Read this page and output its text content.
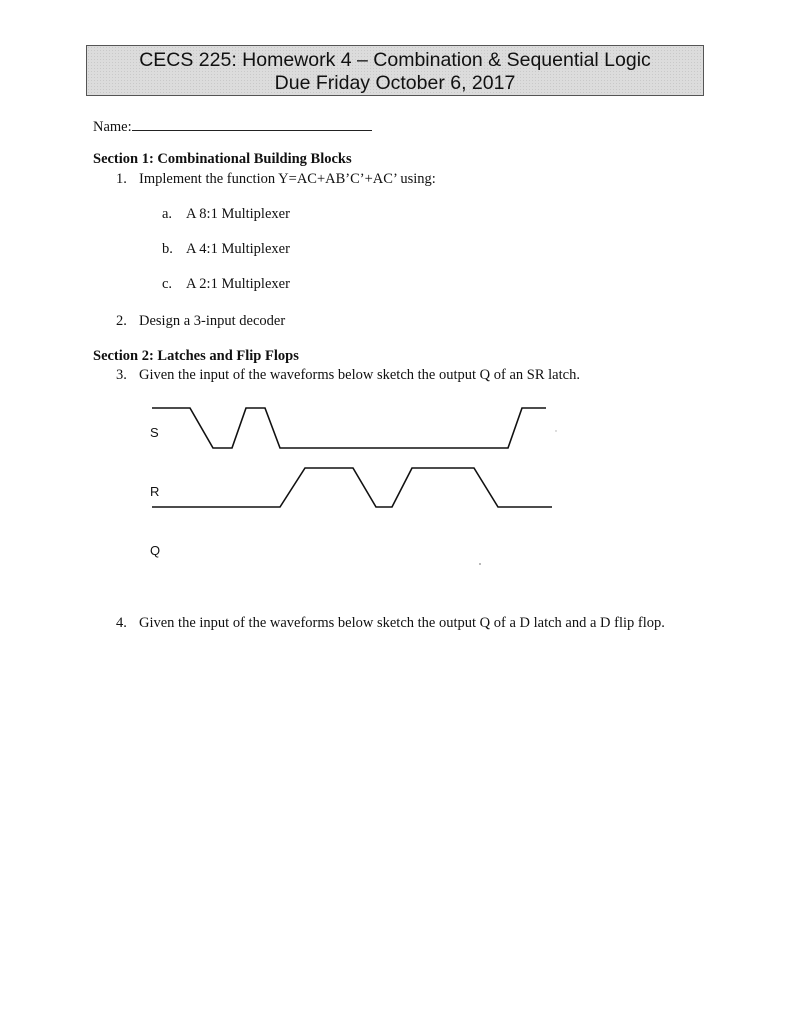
CECS 225: Homework 4 – Combination & Sequential Logic
Due Friday October 6, 2017
Name:
Section 1: Combinational Building Blocks
1. Implement the function Y=AC+AB’C’+AC’ using:
a. A 8:1 Multiplexer
b. A 4:1 Multiplexer
c. A 2:1 Multiplexer
2. Design a 3-input decoder
Section 2: Latches and Flip Flops
3. Given the input of the waveforms below sketch the output Q of an SR latch.
S
R
Q
4. Given the input of the waveforms below sketch the output Q of a D latch and a D flip flop.
